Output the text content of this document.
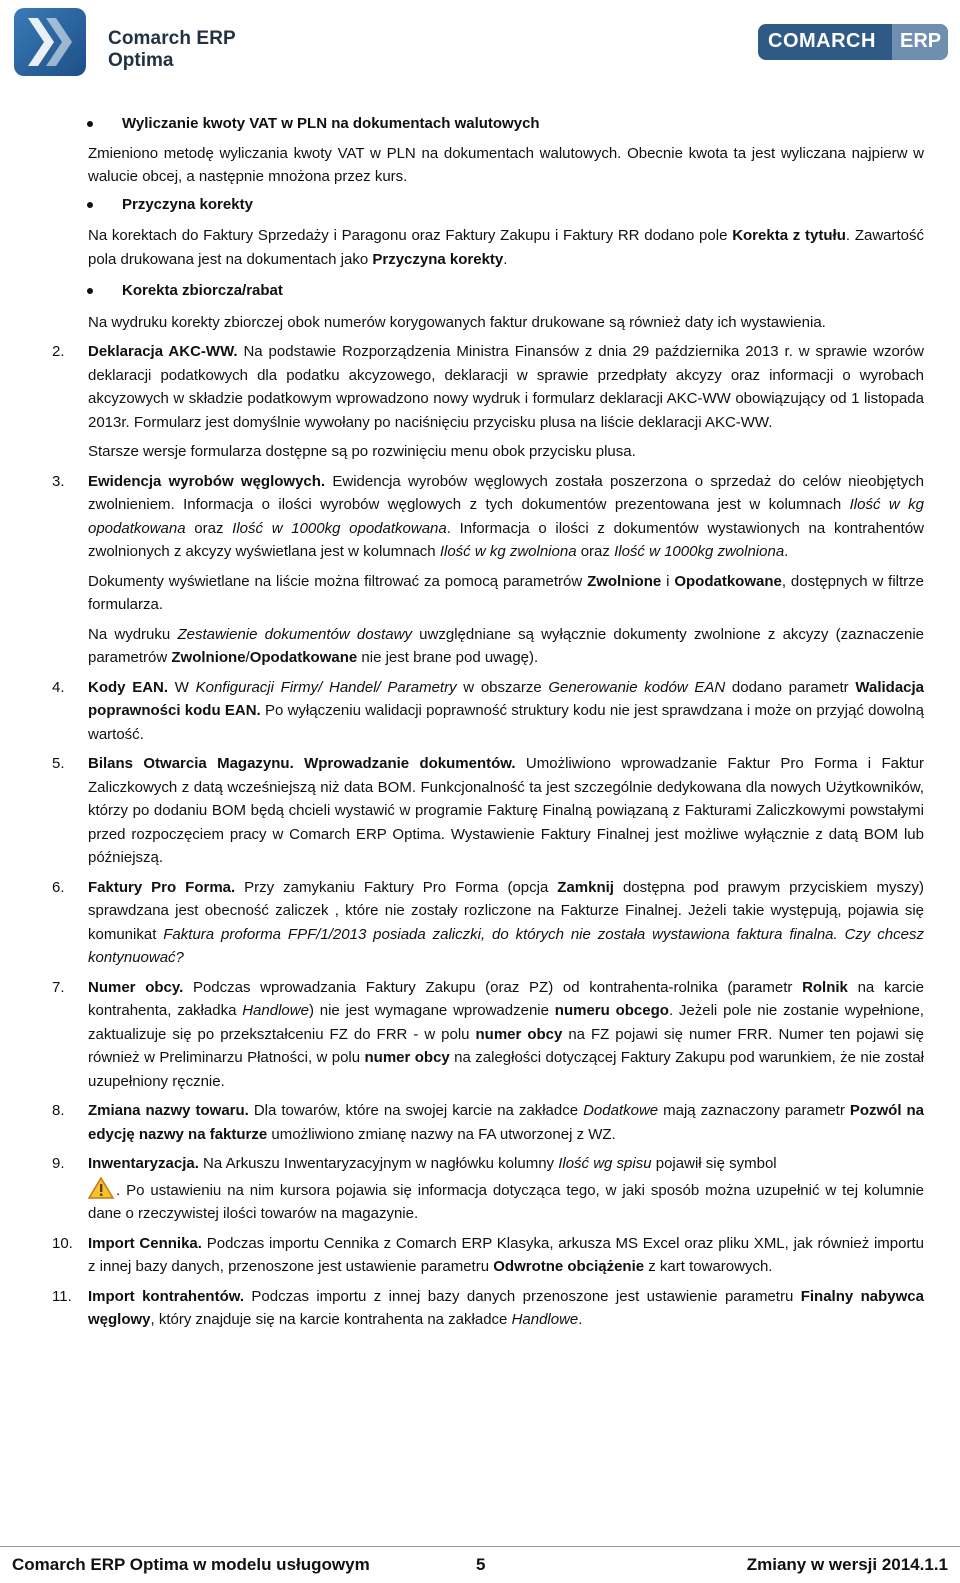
Comarch ERP
Optima
COMARCH ERP
Wyliczanie kwoty VAT w PLN na dokumentach walutowych

Zmieniono metodę wyliczania kwoty VAT w PLN na dokumentach walutowych. Obecnie kwota ta jest wyliczana najpierw w walucie obcej, a następnie mnożona przez kurs.

Przyczyna korekty

Na korektach do Faktury Sprzedaży i Paragonu oraz Faktury Zakupu i Faktury RR dodano pole Korekta z tytułu. Zawartość pola drukowana jest na dokumentach jako Przyczyna korekty.

Korekta zbiorcza/rabat

Na wydruku korekty zbiorczej obok numerów korygowanych faktur drukowane są również daty ich wystawienia.

2. Deklaracja AKC-WW. Na podstawie Rozporządzenia Ministra Finansów z dnia 29 października 2013 r. w sprawie wzorów deklaracji podatkowych dla podatku akcyzowego, deklaracji w sprawie przedpłaty akcyzy oraz informacji o wyrobach akcyzowych w składzie podatkowym wprowadzono nowy wydruk i formularz deklaracji AKC-WW obowiązujący od 1 listopada 2013r. Formularz jest domyślnie wywołany po naciśnięciu przycisku plusa na liście deklaracji AKC-WW.

Starsze wersje formularza dostępne są po rozwinięciu menu obok przycisku plusa.

3. Ewidencja wyrobów węglowych. Ewidencja wyrobów węglowych została poszerzona o sprzedaż do celów nieobjętych zwolnieniem. Informacja o ilości wyrobów węglowych z tych dokumentów prezentowana jest w kolumnach Ilość w kg opodatkowana oraz Ilość w 1000kg opodatkowana. Informacja o ilości z dokumentów wystawionych na kontrahentów zwolnionych z akcyzy wyświetlana jest w kolumnach Ilość w kg zwolniona oraz Ilość w 1000kg zwolniona.

Dokumenty wyświetlane na liście można filtrować za pomocą parametrów Zwolnione i Opodatkowane, dostępnych w filtrze formularza.

Na wydruku Zestawienie dokumentów dostawy uwzględniane są wyłącznie dokumenty zwolnione z akcyzy (zaznaczenie parametrów Zwolnione/Opodatkowane nie jest brane pod uwagę).

4. Kody EAN. W Konfiguracji Firmy/ Handel/ Parametry w obszarze Generowanie kodów EAN dodano parametr Walidacja poprawności kodu EAN. Po wyłączeniu walidacji poprawność struktury kodu nie jest sprawdzana i może on przyjąć dowolną wartość.

5. Bilans Otwarcia Magazynu. Wprowadzanie dokumentów. Umożliwiono wprowadzanie Faktur Pro Forma i Faktur Zaliczkowych z datą wcześniejszą niż data BOM. Funkcjonalność ta jest szczególnie dedykowana dla nowych Użytkowników, którzy po dodaniu BOM będą chcieli wystawić w programie Fakturę Finalną powiązaną z Fakturami Zaliczkowymi powstałymi przed rozpoczęciem pracy w Comarch ERP Optima. Wystawienie Faktury Finalnej jest możliwe wyłącznie z datą BOM lub późniejszą.

6. Faktury Pro Forma. Przy zamykaniu Faktury Pro Forma (opcja Zamknij dostępna pod prawym przyciskiem myszy) sprawdzana jest obecność zaliczek , które nie zostały rozliczone na Fakturze Finalnej. Jeżeli takie występują, pojawia się komunikat Faktura proforma FPF/1/2013 posiada zaliczki, do których nie została wystawiona faktura finalna. Czy chcesz kontynuować?

7. Numer obcy. Podczas wprowadzania Faktury Zakupu (oraz PZ) od kontrahenta-rolnika (parametr Rolnik na karcie kontrahenta, zakładka Handlowe) nie jest wymagane wprowadzenie numeru obcego. Jeżeli pole nie zostanie wypełnione, zaktualizuje się po przekształceniu FZ do FRR - w polu numer obcy na FZ pojawi się numer FRR. Numer ten pojawi się również w Preliminarzu Płatności, w polu numer obcy na zaległości dotyczącej Faktury Zakupu pod warunkiem, że nie został uzupełniony ręcznie.

8. Zmiana nazwy towaru. Dla towarów, które na swojej karcie na zakładce Dodatkowe mają zaznaczony parametr Pozwól na edycję nazwy na fakturze umożliwiono zmianę nazwy na FA utworzonej z WZ.

9. Inwentaryzacja. Na Arkuszu Inwentaryzacyjnym w nagłówku kolumny Ilość wg spisu pojawił się symbol
. Po ustawieniu na nim kursora pojawia się informacja dotycząca tego, w jaki sposób można uzupełnić w tej kolumnie dane o rzeczywistej ilości towarów na magazynie.

10. Import Cennika. Podczas importu Cennika z Comarch ERP Klasyka, arkusza MS Excel oraz pliku XML, jak również importu z innej bazy danych, przenoszone jest ustawienie parametru Odwrotne obciążenie z kart towarowych.

11. Import kontrahentów. Podczas importu z innej bazy danych przenoszone jest ustawienie parametru Finalny nabywca węglowy, który znajduje się na karcie kontrahenta na zakładce Handlowe.

Comarch ERP Optima w modelu usługowym	5	Zmiany w wersji 2014.1.1
